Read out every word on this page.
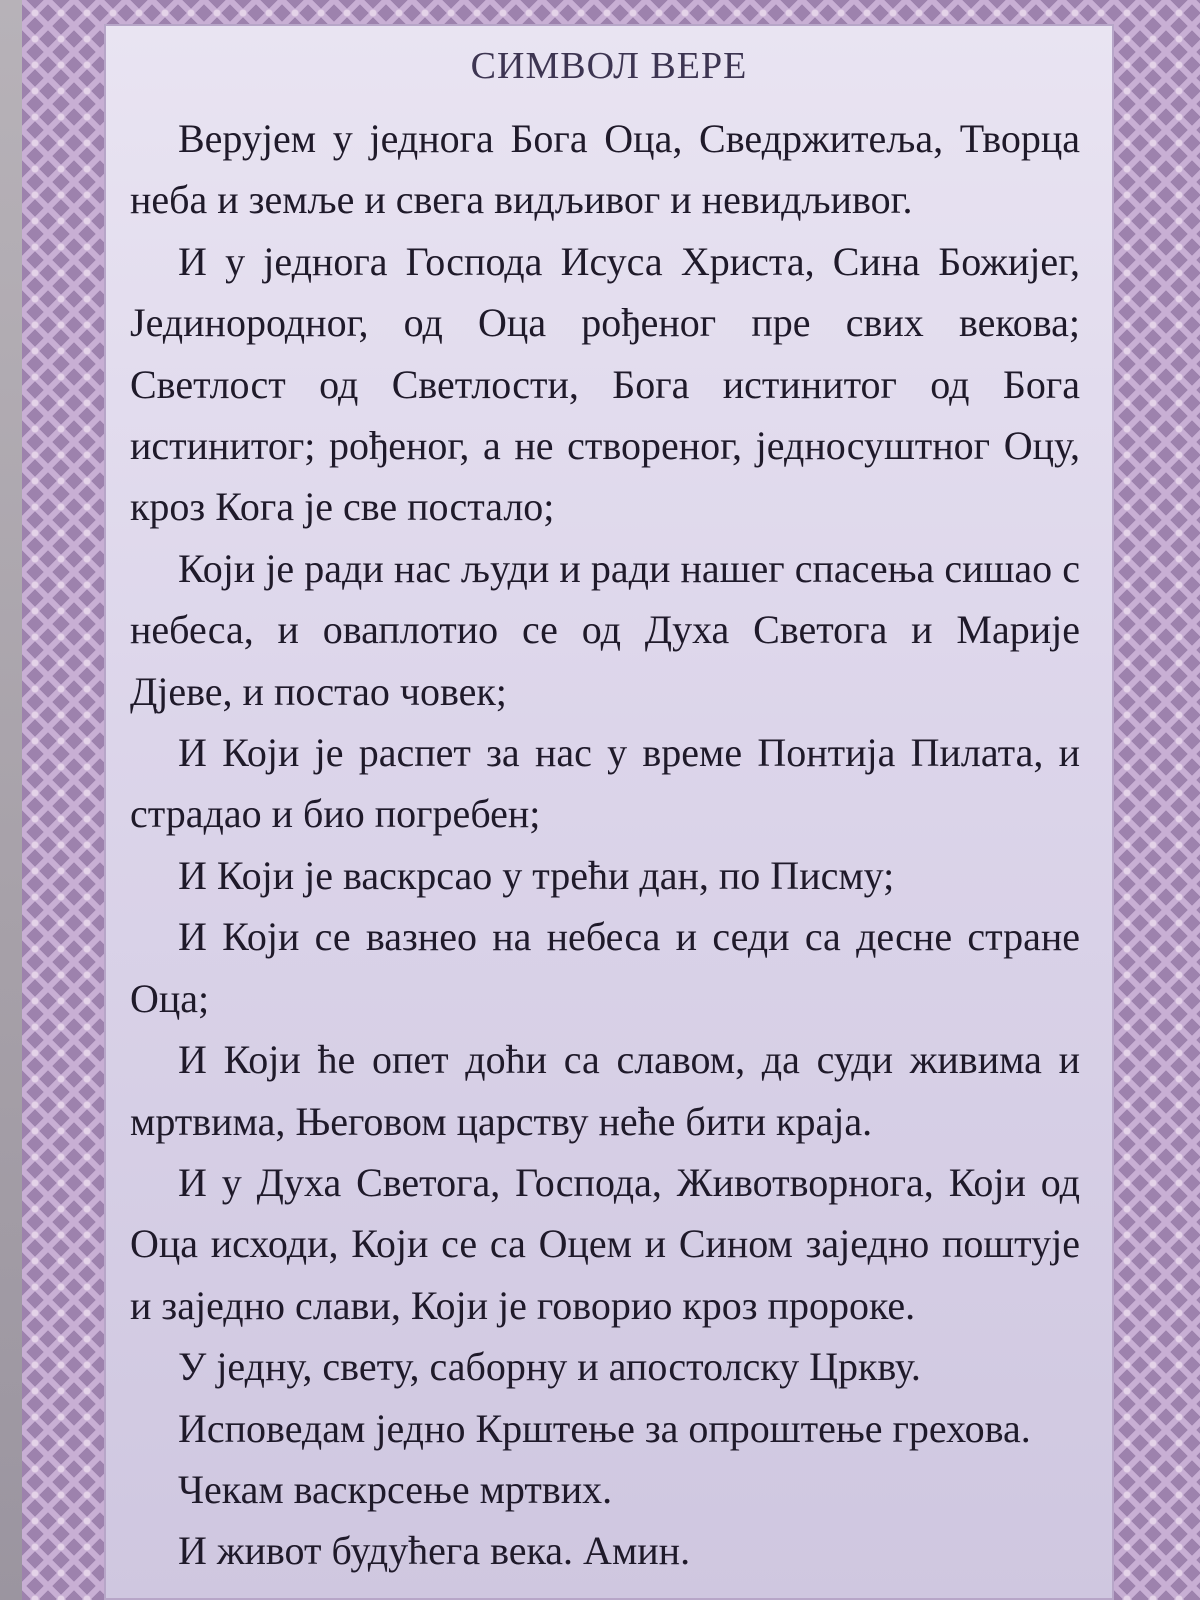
СИМВОЛ ВЕРЕ

Верујем у једнога Бога Оца, Сведржитеља, Творца неба и земље и свега видљивог и невидљивог.

И у једнога Господа Исуса Христа, Сина Божијег, Јединородног, од Оца рођеног пре свих векова; Светлост од Светлости, Бога истинитог од Бога истинитог; рођеног, а не створеног, једносуштног Оцу, кроз Кога је све постало;

Који је ради нас људи и ради нашег спасења сишао с небеса, и оваплотио се од Духа Светога и Марије Дјеве, и постао човек;

И Који је распет за нас у време Понтија Пилата, и страдао и био погребен;

И Који је васкрсао у трећи дан, по Писму;

И Који се вазнео на небеса и седи са десне стране Оца;

И Који ће опет доћи са славом, да суди живима и мртвима, Његовом царству неће бити краја.

И у Духа Светога, Господа, Животворнога, Који од Оца исходи, Који се са Оцем и Сином заједно поштује и заједно слави, Који је говорио кроз пророке.

У једну, свету, саборну и апостолску Цркву.

Исповедам једно Крштење за опроштење грехова.

Чекам васкрсење мртвих.

И живот будућега века. Амин.
